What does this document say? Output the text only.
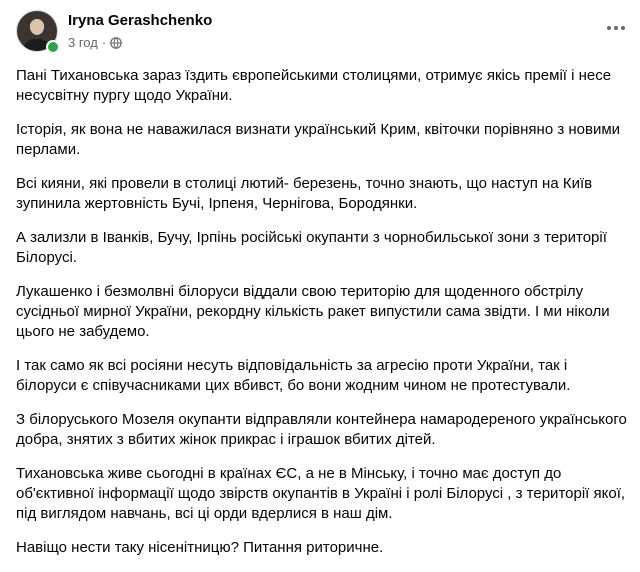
Iryna Gerashchenko
3 год ·

Пані Тихановська зараз їздить європейськими столицями, отримує якісь премії і несе несусвітну пургу щодо України.

Історія, як вона не наважилася визнати український Крим, квіточки порівняно з новими перлами.

Всі кияни, які провели в столиці лютий- березень, точно знають, що наступ на Київ зупинила жертовність Бучі, Ірпеня, Чернігова, Бородянки.

А зализли в Іванків, Бучу, Ірпінь російські окупанти з чорнобильської зони з території Білорусі.

Лукашенко і безмолвні білоруси віддали свою територію для щоденного обстрілу сусідньої мирної України, рекордну кількість ракет випустили сама звідти. І ми ніколи цього не забудемо.

І так само як всі росіяни несуть відповідальність за агресію проти України, так і білоруси є співучасниками цих вбивст, бо вони жодним чином не протестували.

З білоруського Мозеля окупанти відправляли контейнера намародереного українського добра, знятих з вбитих жінок прикрас і іграшок вбитих дітей.

Тихановська живе сьогодні в країнах ЄС, а не в Мінську, і точно має доступ до об'єктивної інформації щодо звірств окупантів в Україні і ролі Білорусі , з території якої, під виглядом навчань, всі ці орди вдерлися в наш дім.

Навіщо нести таку нісенітницю? Питання риторичне.
